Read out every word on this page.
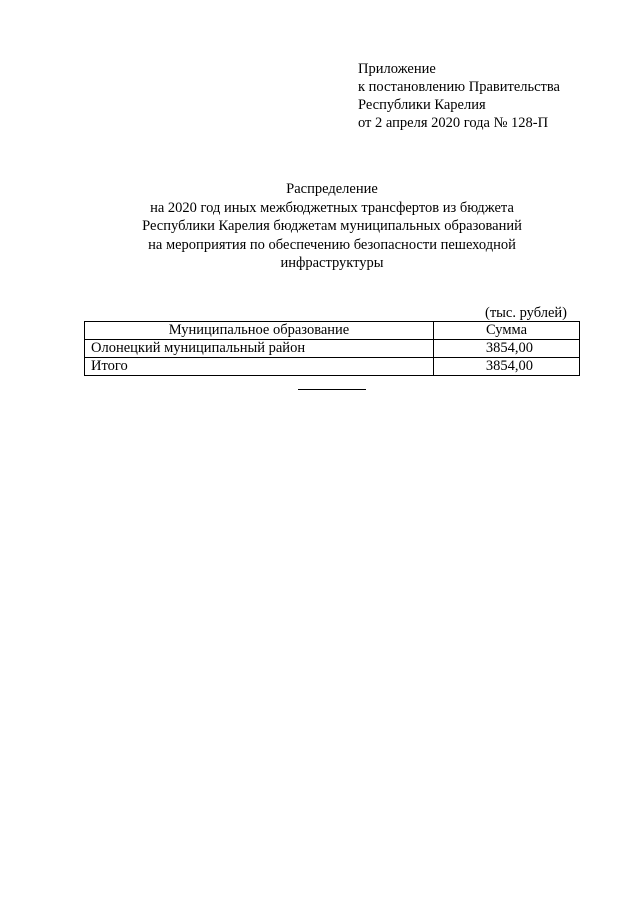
Приложение
к постановлению Правительства
Республики Карелия
от 2 апреля 2020 года № 128-П
Распределение
на 2020 год иных межбюджетных трансфертов из бюджета
Республики Карелия бюджетам муниципальных образований
на мероприятия по обеспечению безопасности пешеходной
инфраструктуры
(тыс. рублей)
Муниципальное образование	Сумма
Олонецкий муниципальный район	3854,00
Итого	3854,00
